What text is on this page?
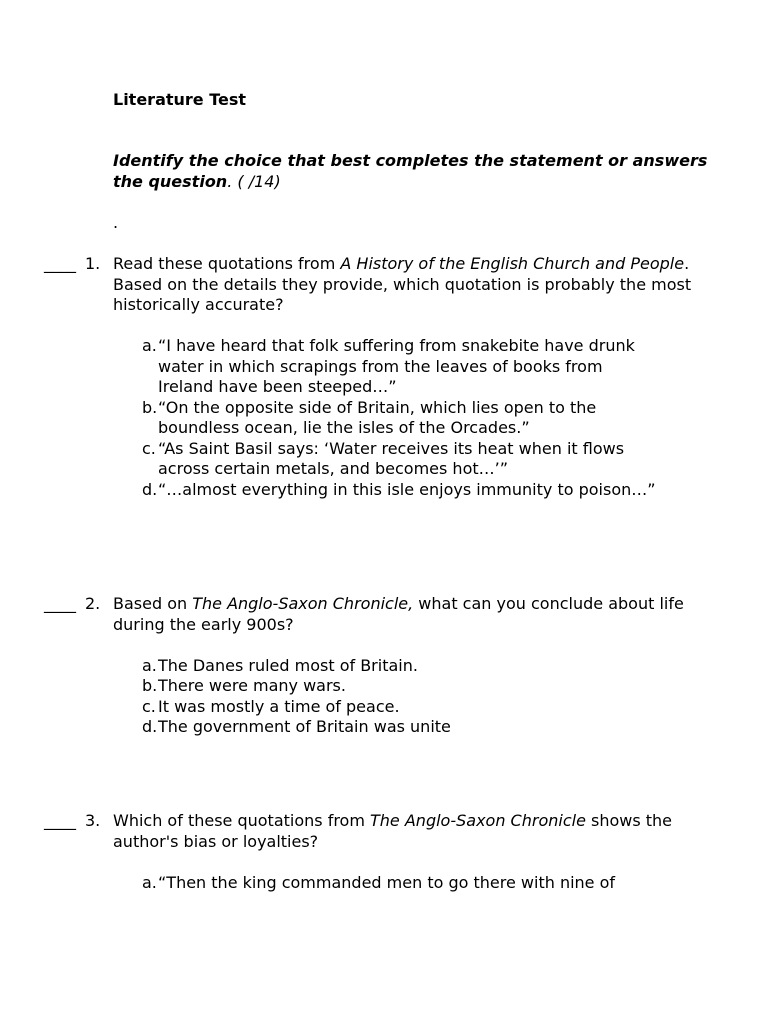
Literature Test
Identify the choice that best completes the statement or answers the question. ( /14)
.
____ 1. Read these quotations from A History of the English Church and People. Based on the details they provide, which quotation is probably the most historically accurate?
a. “I have heard that folk suffering from snakebite have drunk water in which scrapings from the leaves of books from Ireland have been steeped…”
b. “On the opposite side of Britain, which lies open to the boundless ocean, lie the isles of the Orcades.”
c. “As Saint Basil says: ‘Water receives its heat when it flows across certain metals, and becomes hot…’”
d. “…almost everything in this isle enjoys immunity to poison…”
____ 2. Based on The Anglo-Saxon Chronicle, what can you conclude about life during the early 900s?
a. The Danes ruled most of Britain.
b. There were many wars.
c. It was mostly a time of peace.
d. The government of Britain was unite
____ 3. Which of these quotations from The Anglo-Saxon Chronicle shows the author's bias or loyalties?
a. “Then the king commanded men to go there with nine of
